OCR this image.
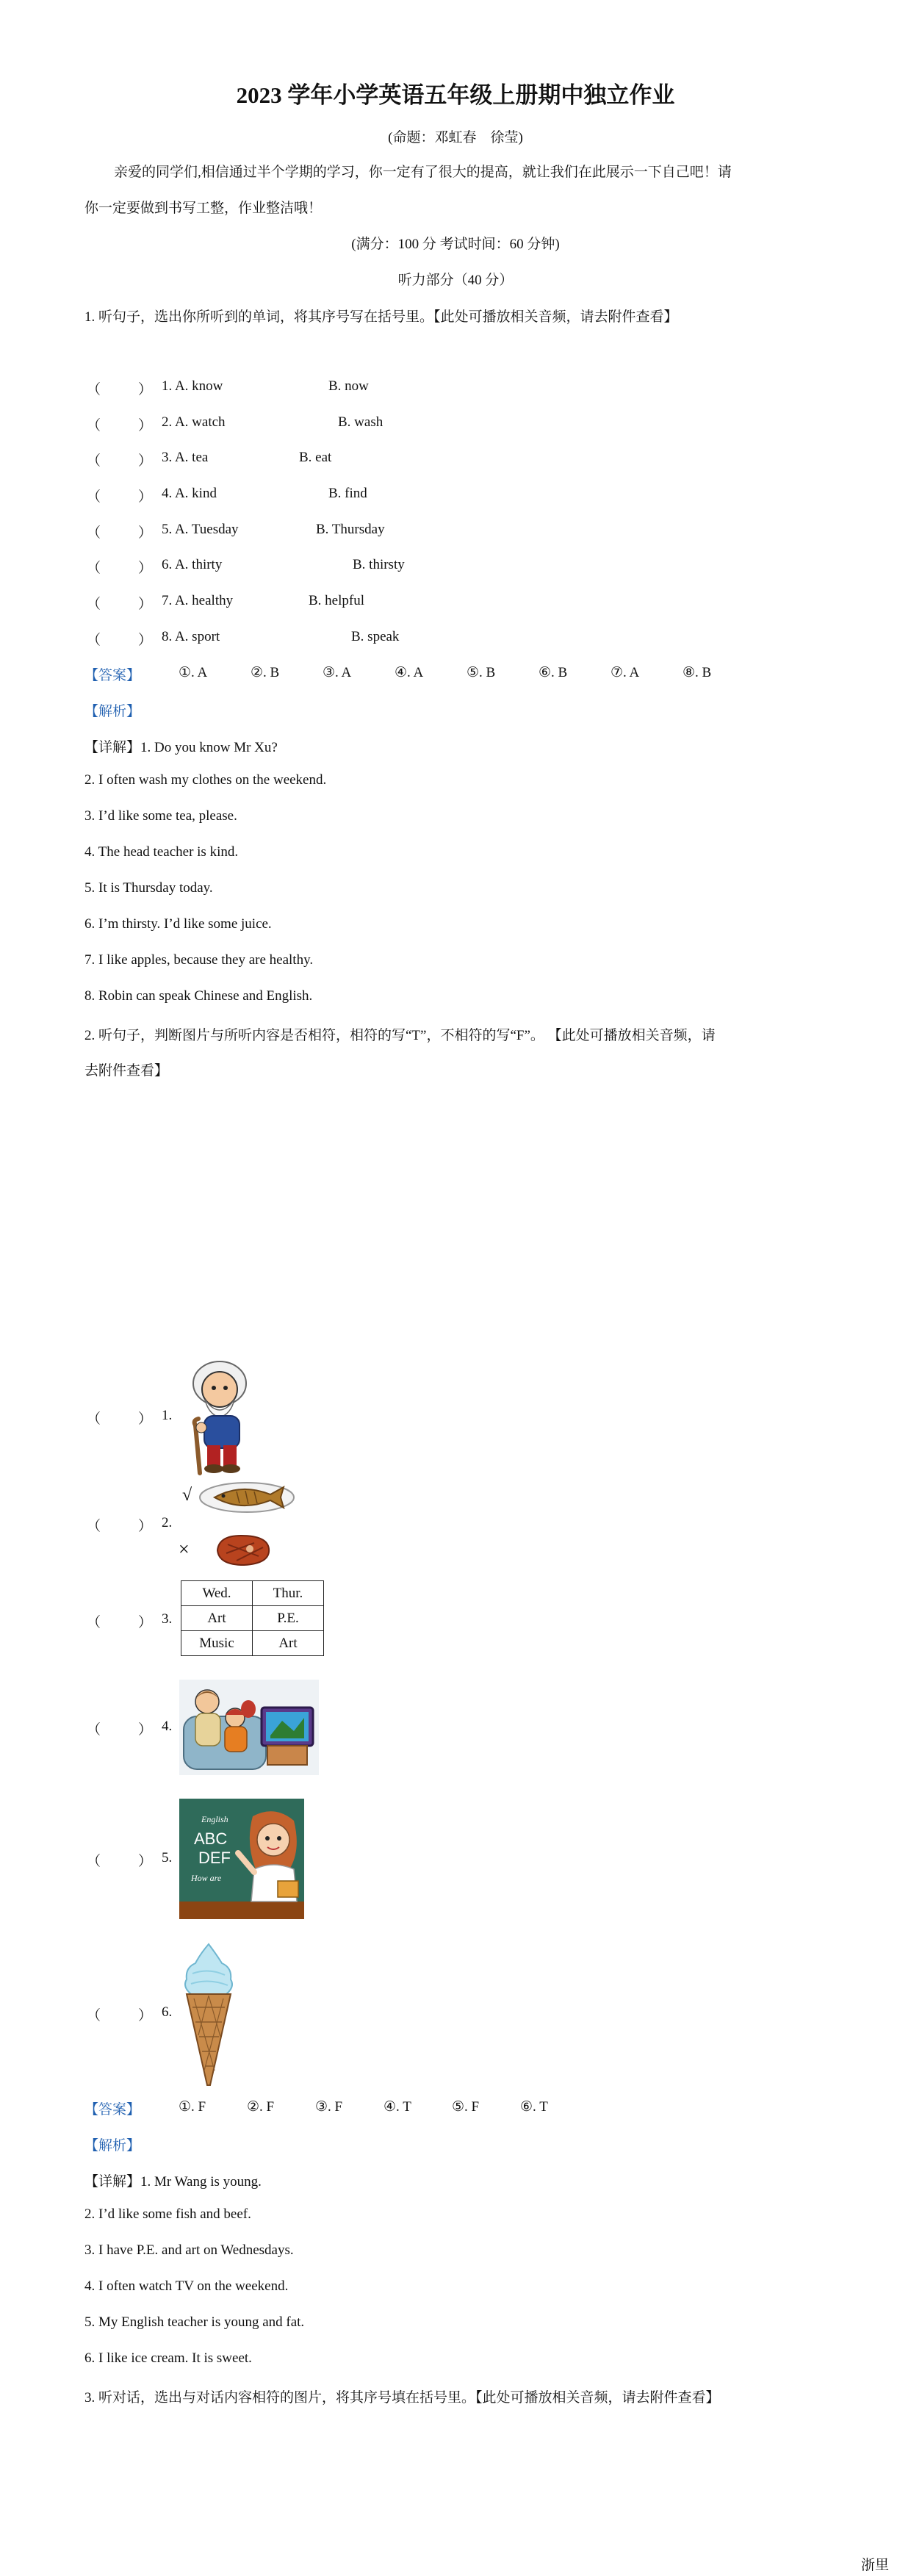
2023 学年小学英语五年级上册期中独立作业
(命题：邓虹春　徐莹)
亲爱的同学们,相信通过半个学期的学习，你一定有了很大的提高，就让我们在此展示一下自己吧！请
你一定要做到书写工整，作业整洁哦！
(满分：100 分 考试时间：60 分钟)
听力部分（40 分）
1. 听句子，选出你所听到的单词，将其序号写在括号里。【此处可播放相关音频，请去附件查看】
（	） 1. A. know	B. now
（	） 2. A. watch	B. wash
（	） 3. A. tea	B. eat
（	） 4. A. kind	B. find
（	） 5. A. Tuesday	B. Thursday
（	） 6. A. thirty	B. thirsty
（	） 7. A. healthy	B. helpful
（	） 8. A. sport	B. speak
【答案】	①. A	②. B	③. A	④. A	⑤. B	⑥. B	⑦. A	⑧. B
【解析】
【详解】1. Do you know Mr Xu?
2. I often wash my clothes on the weekend.
3. I’d like some tea, please.
4. The head teacher is kind.
5. It is Thursday today.
6. I’m thirsty. I’d like some juice.
7. I like apples, because they are healthy.
8. Robin can speak Chinese and English.
2. 听句子，判断图片与所听内容是否相符，相符的写“T”，不相符的写“F”。 【此处可播放相关音频，请
去附件查看】
（	） 1.
（	） 2.
√
×
（	） 3.
Wed.	Thur.
Art	P.E.
Music	Art
（	） 4.
（	） 5.
English
ABC
DEF
How are
（	） 6.
【答案】	①. F	②. F	③. F	④. T	⑤. F	⑥. T
【解析】
【详解】1. Mr Wang is young.
2. I’d like some fish and beef.
3. I have P.E. and art on Wednesdays.
4. I often watch TV on the weekend.
5. My English teacher is young and fat.
6. I like ice cream. It is sweet.
3. 听对话，选出与对话内容相符的图片，将其序号填在括号里。【此处可播放相关音频，请去附件查看】
浙里
